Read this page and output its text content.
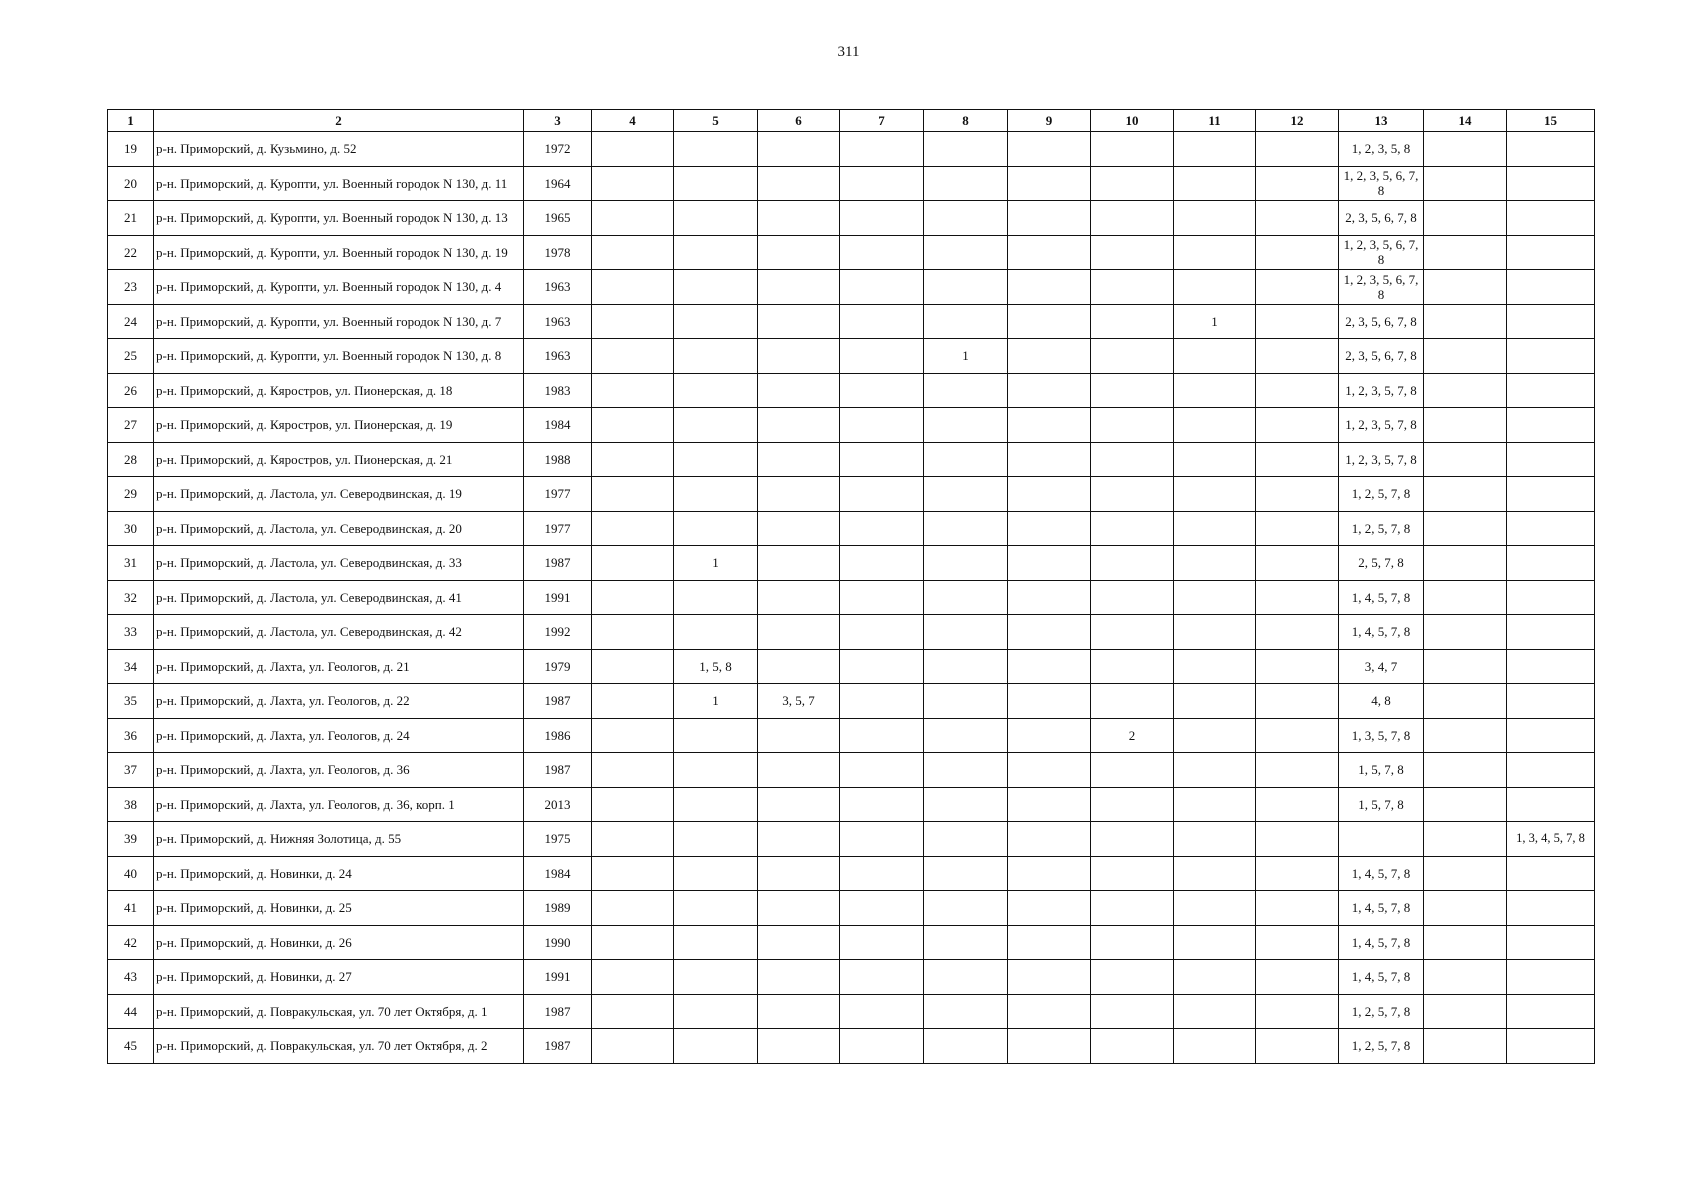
311
1	2	3	4	5	6	7	8	9	10	11	12	13	14	15
19	р-н. Приморский, д. Кузьмино, д. 52	1972										1, 2, 3, 5, 8		
20	р-н. Приморский, д. Куропти, ул. Военный городок N 130, д. 11	1964										1, 2, 3, 5, 6, 7, 8		
21	р-н. Приморский, д. Куропти, ул. Военный городок N 130, д. 13	1965										2, 3, 5, 6, 7, 8		
22	р-н. Приморский, д. Куропти, ул. Военный городок N 130, д. 19	1978										1, 2, 3, 5, 6, 7, 8		
23	р-н. Приморский, д. Куропти, ул. Военный городок N 130, д. 4	1963										1, 2, 3, 5, 6, 7, 8		
24	р-н. Приморский, д. Куропти, ул. Военный городок N 130, д. 7	1963								1		2, 3, 5, 6, 7, 8		
25	р-н. Приморский, д. Куропти, ул. Военный городок N 130, д. 8	1963					1					2, 3, 5, 6, 7, 8		
26	р-н. Приморский, д. Кяростров, ул. Пионерская, д. 18	1983										1, 2, 3, 5, 7, 8		
27	р-н. Приморский, д. Кяростров, ул. Пионерская, д. 19	1984										1, 2, 3, 5, 7, 8		
28	р-н. Приморский, д. Кяростров, ул. Пионерская, д. 21	1988										1, 2, 3, 5, 7, 8		
29	р-н. Приморский, д. Ластола, ул. Северодвинская, д. 19	1977										1, 2, 5, 7, 8		
30	р-н. Приморский, д. Ластола, ул. Северодвинская, д. 20	1977										1, 2, 5, 7, 8		
31	р-н. Приморский, д. Ластола, ул. Северодвинская, д. 33	1987		1								2, 5, 7, 8		
32	р-н. Приморский, д. Ластола, ул. Северодвинская, д. 41	1991										1, 4, 5, 7, 8		
33	р-н. Приморский, д. Ластола, ул. Северодвинская, д. 42	1992										1, 4, 5, 7, 8		
34	р-н. Приморский, д. Лахта, ул. Геологов, д. 21	1979		1, 5, 8								3, 4, 7		
35	р-н. Приморский, д. Лахта, ул. Геологов, д. 22	1987		1	3, 5, 7							4, 8		
36	р-н. Приморский, д. Лахта, ул. Геологов, д. 24	1986							2			1, 3, 5, 7, 8		
37	р-н. Приморский, д. Лахта, ул. Геологов, д. 36	1987										1, 5, 7, 8		
38	р-н. Приморский, д. Лахта, ул. Геологов, д. 36, корп. 1	2013										1, 5, 7, 8		
39	р-н. Приморский, д. Нижняя Золотица, д. 55	1975												1, 3, 4, 5, 7, 8
40	р-н. Приморский, д. Новинки, д. 24	1984										1, 4, 5, 7, 8		
41	р-н. Приморский, д. Новинки, д. 25	1989										1, 4, 5, 7, 8		
42	р-н. Приморский, д. Новинки, д. 26	1990										1, 4, 5, 7, 8		
43	р-н. Приморский, д. Новинки, д. 27	1991										1, 4, 5, 7, 8		
44	р-н. Приморский, д. Повракульская, ул. 70 лет Октября, д. 1	1987										1, 2, 5, 7, 8		
45	р-н. Приморский, д. Повракульская, ул. 70 лет Октября, д. 2	1987										1, 2, 5, 7, 8		
